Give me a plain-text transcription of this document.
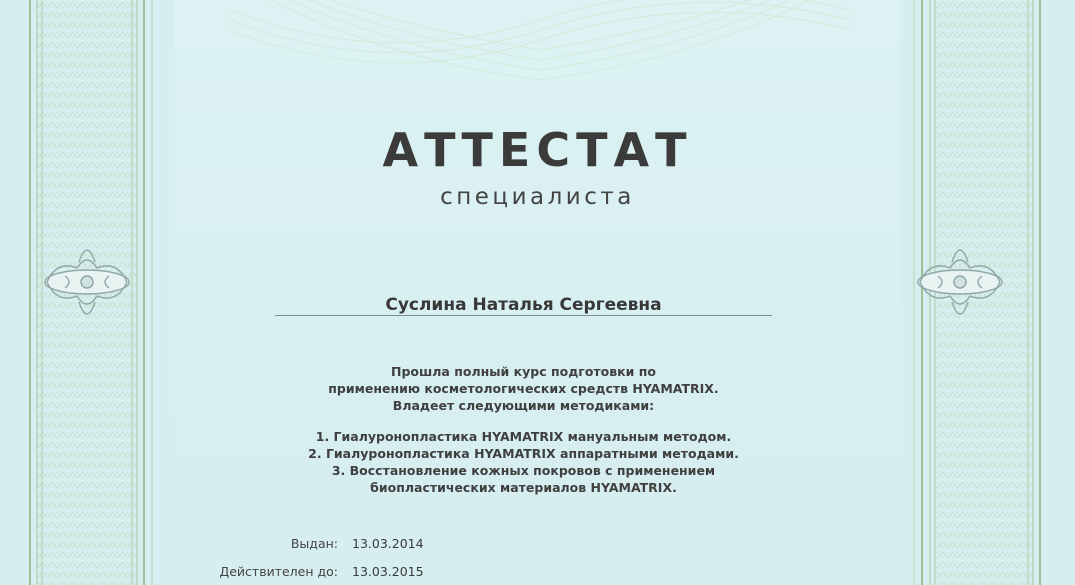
АТТЕСТАТ
специалиста
Суслина Наталья Сергеевна
Прошла полный курс подготовки по
применению косметологических средств HYAMATRIX.
Владеет следующими методиками:
1. Гиалуронопластика HYAMATRIX мануальным методом.
2. Гиалуронопластика HYAMATRIX аппаратными методами.
3. Восстановление кожных покровов с применением
биопластических материалов HYAMATRIX.
Выдан: 13.03.2014
Действителен до: 13.03.2015
